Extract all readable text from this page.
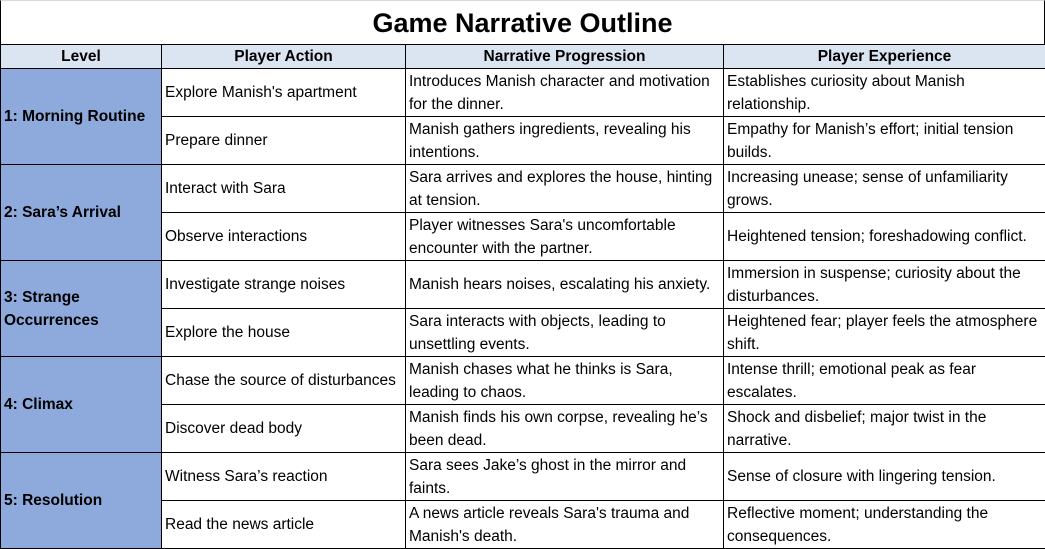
Game Narrative Outline
Level	Player Action	Narrative Progression	Player Experience
1: Morning Routine	Explore Manish's apartment	Introduces Manish character and motivation for the dinner.	Establishes curiosity about Manish relationship.
	Prepare dinner	Manish gathers ingredients, revealing his intentions.	Empathy for Manish’s effort; initial tension builds.
2: Sara’s Arrival	Interact with Sara	Sara arrives and explores the house, hinting at tension.	Increasing unease; sense of unfamiliarity grows.
	Observe interactions	Player witnesses Sara's uncomfortable encounter with the partner.	Heightened tension; foreshadowing conflict.
3: Strange Occurrences	Investigate strange noises	Manish hears noises, escalating his anxiety.	Immersion in suspense; curiosity about the disturbances.
	Explore the house	Sara interacts with objects, leading to unsettling events.	Heightened fear; player feels the atmosphere shift.
4: Climax	Chase the source of disturbances	Manish chases what he thinks is Sara, leading to chaos.	Intense thrill; emotional peak as fear escalates.
	Discover dead body	Manish finds his own corpse, revealing he’s been dead.	Shock and disbelief; major twist in the narrative.
5: Resolution	Witness Sara’s reaction	Sara sees Jake’s ghost in the mirror and faints.	Sense of closure with lingering tension.
	Read the news article	A news article reveals Sara's trauma and Manish's death.	Reflective moment; understanding the consequences.
